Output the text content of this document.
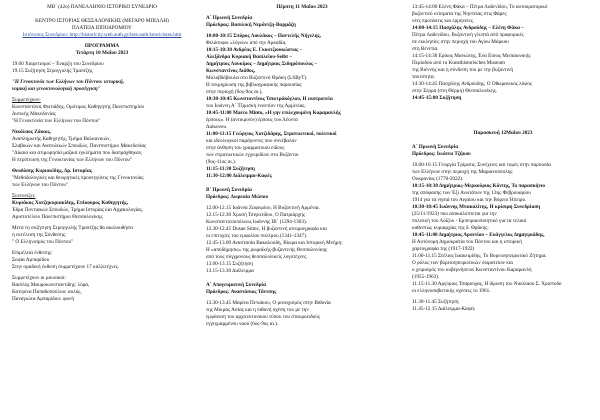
ΜΒ΄ (42ο) ΠΑΝΕΛΛΗΝΙΟ ΙΣΤΟΡΙΚΟ ΣΥΝΕΔΡΙΟ
ΚΕΝΤΡΟ ΙΣΤΟΡΙΑΣ ΘΕΣΣΑΛΟΝΙΚΗΣ (ΜΕΓΑΡΟ ΜΠΙΛΛΗ)
ΠΛΑΤΕΙΑ ΙΠΠΟΔΡΟΜΙΟΥ
Ιστότοπος Συνεδρίου: http://historicity.web.auth.gr/ises-auth/istoricistes.htm
ΠΡΟΓΡΑΜΜΑ
Τετάρτη 10 Μαΐου 2023
19.00 Χαιρετισμοί – Έναρξη του Συνεδρίου
19.15 Συζήτηση Στρογγυλής Τραπέζης
"Η Γενοκτονία των Ελλήνων του Πόντου: ιστορική,
νομική και γενοκτονολογική προσέγγιση"
Συμμετέχουν:
Κωνσταντίνος Φωτιάδης, Ομότιμος Καθηγητής Πανεπιστημίου
Δυτικής Μακεδονίας
"Η Γενοκτονία των Ελλήνων του Πόντου"
Νικόλαος Ζάικος,
Αναπληρωτής Καθηγητής, Τμήμα Βαλκανικών,
Σλαβικών και Ανατολικών Σπουδών, Πανεπιστήμιο Μακεδονίας
"Δίκαιο και ατιμωρησία μαζικά εγκλήματα που διαπράχθηκαν,
Η περίπτωση της Γενοκτονίας των Ελλήνων του Πόντου"
Θεοδόσης Κυριακίδης, Δρ. Ιστορίας
"Μεθοδολογικές και θεωρητικές προσεγγίσεις της Γενοκτονίας
των Ελλήνων του Πόντου"
Συντονίζει:
Κυριάκος Χατζηκυριακίδης, Επίκουρος Καθηγητής,
Έδρα Ποντιακών Σπουδών, Τμήμα Ιστορίας και Αρχαιολογίας,
Αριστοτέλειο Πανεπιστήμιο Θεσσαλονίκης
Μετά τη συζήτηση Στρογγυλής Τραπέζης θα ακολουθήσει
η εκτέλεση της Σύνθεσης:
" Ο Ελληνισμός του Πόντου"
Επιμέλεια ένθεσης:
Σοφία Αμπαρίδου
Στην ομαδική έκθεση συμμετέχουν 17 καλλιτέχνες.
Συμμετέχουν οι μουσικοί:
Βασίλης Μαυροκωνσταντίδης: λύρα,
Κατερίνα Παπαδοπούλου: αυλός,
Παναγιώτα Αμπαρίδου: φωνή
Πέμπτη 11 Μαΐου 2023
Α΄ Πρωινή Συνεδρία
Πρόεδρος: Βασιλική Νεράντζη-Βαρμάζη
10:00-10:15 Σπύρος Λουλάκος – Παντελής Νήγελης,
Φιλόσοφοι «λόγων» από την Αρκαδία,
10:15-10:30 Ανδρέας Ε. Γκουτζιουκώστας –
Αλεξάνδρα Κυριακή Βασιλείου-Seibt –
Δημήτριος Λουκίμος – Δημήτριος Σιδηρόπουλος –
Κωνσταντίνος Διάθος,
Μολυβδόβουλα στο Βυζαντινό Θράκη (LSByT).
Η τεκμηρίωση της βιβλιογραφικής παρουσίας
στην περιοχή (6ος-9ος αι.),
10:30-10:45 Κωνσταντίνος Τσικτράκόγλου, Η εκστρατεία
του Ιωάννη Α΄ Τζιμισκή εναντίον της Αρμενίας.
10:45-11:00 Marco Minto, «Η γην επιλεχουμένη Καραμανλής
έρπους». Η (αντικρινόν) έρπους του Λέοντα
Διάκονου.
11:00-11:15 Γεώργιος Χατζιδάρης, Στρατιωτικοί, πολιτικοί
και ιδεολογικοί παράγοντες που συνέβαλαν
στην άνθηση του γραμματικού είδους
των στρατιωτικών εγχειριδίων στο Βυζάντιο
(9ος-11ος αι.).
11:15-11:30 Συζήτηση
11:30-12:00 Διάλειμμα-Καφές
Β΄ Πρωινή Συνεδρία
Πρόεδρος: Δωρεαία Μώπου
12.00-12.15 Ιωάννα Ζαφειρίου, Η Βυζαντινή Αρμένια.
12.15-12.30 Χρυσή Τσιγκιτίδου, Ο Πατριάρχης
Κωνσταντινουπόλεως Ιωάννης ΙΒ΄ (1294-1303).
12.30-12.45 Dusan Simic, Η βυζαντινή ιστοριογραφία και
οι επιτυχίες του εμφυλίου πολέμου (1341-1347).
12.45-13.00 Αναστασία Βακαλούδη, Βίωμα και Ιστορική Μνήμη:
Η «αποδήμησις» της ρωμαϊκής-βυζαντινής Θεσσαλονίκης
από τους σύγχρονους θεσσαλονικείς λογοτέχνες.
13.00-13.15 Συζήτηση
13.15-13.30 Διάλειμμα
Α΄ Απογευματινή Συνεδρία
Πρόεδρος: Αναστάσιος Τάντσης
13.30-13.45 Μαρίνα Πετιάκου, Ο μοναχισμός στην Βιθυνία
της Μικράς Ασίας και η πιθανή σχέση του με την
εμφάνιση του αρχιτεκτονικού τύπου του σταυροειδούς
εγγεγραμμένου ναού (6ος-9ος αι.).
13:45-14:00 Ελένη Φάκα – Πέτρα Λαδενίδου, Το αυτοκρατορικό
βυζαντινό κτίσματα της Νηστείας στις Φάρες
νέες προτάσεις και ερμηνείες.
14:00-14:15 Πασχάλης Ανδρούδης – Ελένη Φάκα –
Πέτρα Λαδενίδου, Βυζαντινή γλυπτά από προφορικές
σε εκκλησίες στην περιοχή του Αγίου Μάρκου
στη Βενετία.
14:15-14:30 Ερίκος Μανιώτης, Ένα Είσως Μεσαιωνικής
Περίοδου από το Kunsthistorisches Museum
της Βιέννης και η σύνδεση του με την βυζαντινή
ταυτότητα.
14:30-14:45 Πασχάλης Ανδρούδης, Ο Οθωμανικός λόφος
στην Σέρρα (στη Θέρμη) Θεσσαλονίκης.
14:45-15:00 Συζήτηση
Παρασκευή 12Μαΐου 2023
Α΄ Πρωινή Συνεδρία
Πρόεδρος: Ιωάννα Τζήκου
10.00-10.15 Γεωργία Τρίματα, Συνέχειες και τομές στην παρουσία
των Ελλήνων στην περιοχή της Μαριανούπολης
Ουκρανίας (1778-2022).
10:15-10:30 Δημήτριος-Μερκούριος Κόντης, Το παρασκήνιο
της απόφασης των Έξι Ανωτάτων της 13ης Φεβρουαρίου
1914 για τα νησιά του Αιγαίου και την Βόρειο Ήπειρο.
10:30-10:45 Ιωάννης Μπακαλίτης, Η κρίσιμη Συνεδρίαση
(25/11/1923) που αποκαλύπτεται για την
πολιτική του Λοΐζου - Εμπειρικοποιητικό για τα τελικά
καθεστώς κυριαρχίας της δ. Θράκης.
10:45-11:00 Δημήτριος Αρσενίου – Ευάγγελος Δημητριάδης,
Η Αυτόνομη Δημοκρατία του Πόντου και η ιστορική
χαρτογραφία της (1917-1922)
11.00-11.15 Στέλιος Ιωακειμίδης, Το Βορειοηπειρωτικό Ζήτημα.
Ο ρόλος των βορειοηπειρωτικών σωματείων και
ο χειρισμός του κυβερνήσεων Κωνσταντίνου Καραμανλή
(1955-1963).
11.15-11.30 Αργύριος Τσαρούχας, Η ίδρυση του Νικόλαου Σ. Χριστοδο
οι ελληνοσοβιετικής σχέσεις το 1961.
11.30-11.45 Συζήτηση
11.45-12.15 Διάλειμμα-Καφές
